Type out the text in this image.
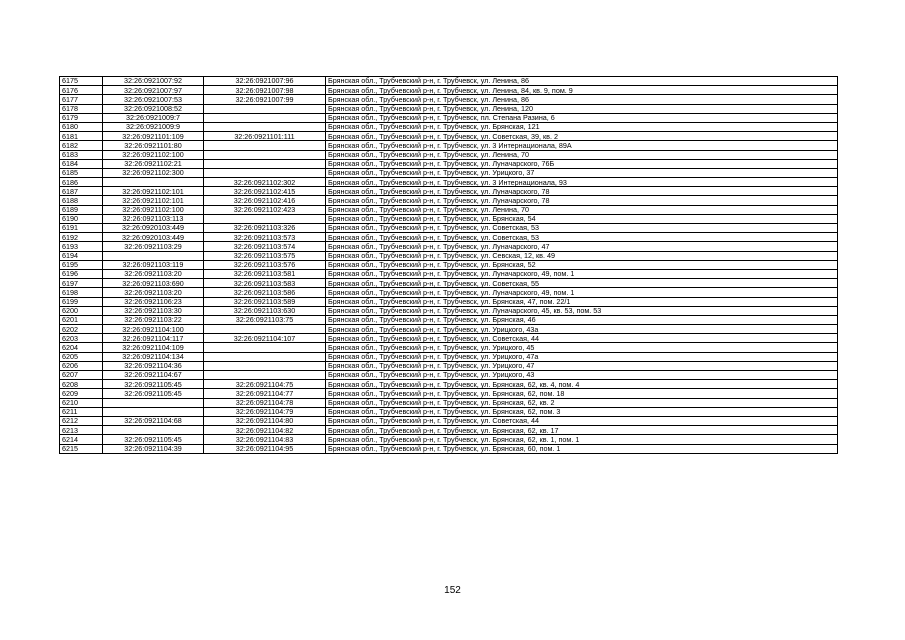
6175	32:26:0921007:92	32:26:0921007:96	Брянская обл., Трубчевский р-н, г. Трубчевск, ул. Ленина, 86
6176	32:26:0921007:97	32:26:0921007:98	Брянская обл., Трубчевский р-н, г. Трубчевск, ул. Ленина, 84, кв. 9, пом. 9
6177	32:26:0921007:53	32:26:0921007:99	Брянская обл., Трубчевский р-н, г. Трубчевск, ул. Ленина, 86
6178	32:26:0921008:52		Брянская обл., Трубчевский р-н, г. Трубчевск, ул. Ленина, 120
6179	32:26:0921009:7		Брянская обл., Трубчевский р-н, г. Трубчевск, пл. Степана Разина, 6
6180	32:26:0921009:9		Брянская обл., Трубчевский р-н, г. Трубчевск, ул. Брянская, 121
6181	32:26:0921101:109	32:26:0921101:111	Брянская обл., Трубчевский р-н, г. Трубчевск, ул. Советская, 39, кв. 2
6182	32:26:0921101:80		Брянская обл., Трубчевский р-н, г. Трубчевск, ул. 3 Интернационала, 89А
6183	32:26:0921102:100		Брянская обл., Трубчевский р-н, г. Трубчевск, ул. Ленина, 70
6184	32:26:0921102:21		Брянская обл., Трубчевский р-н, г. Трубчевск, ул. Луначарского, 76Б
6185	32:26:0921102:300		Брянская обл., Трубчевский р-н, г. Трубчевск, ул. Урицкого, 37
6186		32:26:0921102:302	Брянская обл., Трубчевский р-н, г. Трубчевск, ул. 3 Интернационала, 93
6187	32:26:0921102:101	32:26:0921102:415	Брянская обл., Трубчевский р-н, г. Трубчевск, ул. Луначарского, 78
6188	32:26:0921102:101	32:26:0921102:416	Брянская обл., Трубчевский р-н, г. Трубчевск, ул. Луначарского, 78
6189	32:26:0921102:100	32:26:0921102:423	Брянская обл., Трубчевский р-н, г. Трубчевск, ул. Ленина, 70
6190	32:26:0921103:113		Брянская обл., Трубчевский р-н, г. Трубчевск, ул. Брянская, 54
6191	32:26:0920103:449	32:26:0921103:326	Брянская обл., Трубчевский р-н, г. Трубчевск, ул. Советская, 53
6192	32:26:0920103:449	32:26:0921103:573	Брянская обл., Трубчевский р-н, г. Трубчевск, ул. Советская, 53
6193	32:26:0921103:29	32:26:0921103:574	Брянская обл., Трубчевский р-н, г. Трубчевск, ул. Луначарского, 47
6194		32:26:0921103:575	Брянская обл., Трубчевский р-н, г. Трубчевск, ул. Севская, 12, кв. 49
6195	32:26:0921103:119	32:26:0921103:576	Брянская обл., Трубчевский р-н, г. Трубчевск, ул. Брянская, 52
6196	32:26:0921103:20	32:26:0921103:581	Брянская обл., Трубчевский р-н, г. Трубчевск, ул. Луначарского, 49, пом. 1
6197	32:26:0921103:690	32:26:0921103:583	Брянская обл., Трубчевский р-н, г. Трубчевск, ул. Советская, 55
6198	32:26:0921103:20	32:26:0921103:586	Брянская обл., Трубчевский р-н, г. Трубчевск, ул. Луначарского, 49, пом. 1
6199	32:26:0921106:23	32:26:0921103:589	Брянская обл., Трубчевский р-н, г. Трубчевск, ул. Брянская, 47, пом. 22/1
6200	32:26:0921103:30	32:26:0921103:630	Брянская обл., Трубчевский р-н, г. Трубчевск, ул. Луначарского, 45, кв. 53, пом. 53
6201	32:26:0921103:22	32:26:0921103:75	Брянская обл., Трубчевский р-н, г. Трубчевск, ул. Брянская, 46
6202	32:26:0921104:100		Брянская обл., Трубчевский р-н, г. Трубчевск, ул. Урицкого, 43а
6203	32:26:0921104:117	32:26:0921104:107	Брянская обл., Трубчевский р-н, г. Трубчевск, ул. Советская, 44
6204	32:26:0921104:109		Брянская обл., Трубчевский р-н, г. Трубчевск, ул. Урицкого, 45
6205	32:26:0921104:134		Брянская обл., Трубчевский р-н, г. Трубчевск, ул. Урицкого, 47а
6206	32:26:0921104:36		Брянская обл., Трубчевский р-н, г. Трубчевск, ул. Урицкого, 47
6207	32:26:0921104:67		Брянская обл., Трубчевский р-н, г. Трубчевск, ул. Урицкого, 43
6208	32:26:0921105:45	32:26:0921104:75	Брянская обл., Трубчевский р-н, г. Трубчевск, ул. Брянская, 62, кв. 4, пом. 4
6209	32:26:0921105:45	32:26:0921104:77	Брянская обл., Трубчевский р-н, г. Трубчевск, ул. Брянская, 62, пом. 18
6210		32:26:0921104:78	Брянская обл., Трубчевский р-н, г. Трубчевск, ул. Брянская, 62, кв. 2
6211		32:26:0921104:79	Брянская обл., Трубчевский р-н, г. Трубчевск, ул. Брянская, 62, пом. 3
6212	32:26:0921104:68	32:26:0921104:80	Брянская обл., Трубчевский р-н, г. Трубчевск, ул. Советская, 44
6213		32:26:0921104:82	Брянская обл., Трубчевский р-н, г. Трубчевск, ул. Брянская, 62, кв. 17
6214	32:26:0921105:45	32:26:0921104:83	Брянская обл., Трубчевский р-н, г. Трубчевск, ул. Брянская, 62, кв. 1, пом. 1
6215	32:26:0921104:39	32:26:0921104:95	Брянская обл., Трубчевский р-н, г. Трубчевск, ул. Брянская, 60, пом. 1
152
